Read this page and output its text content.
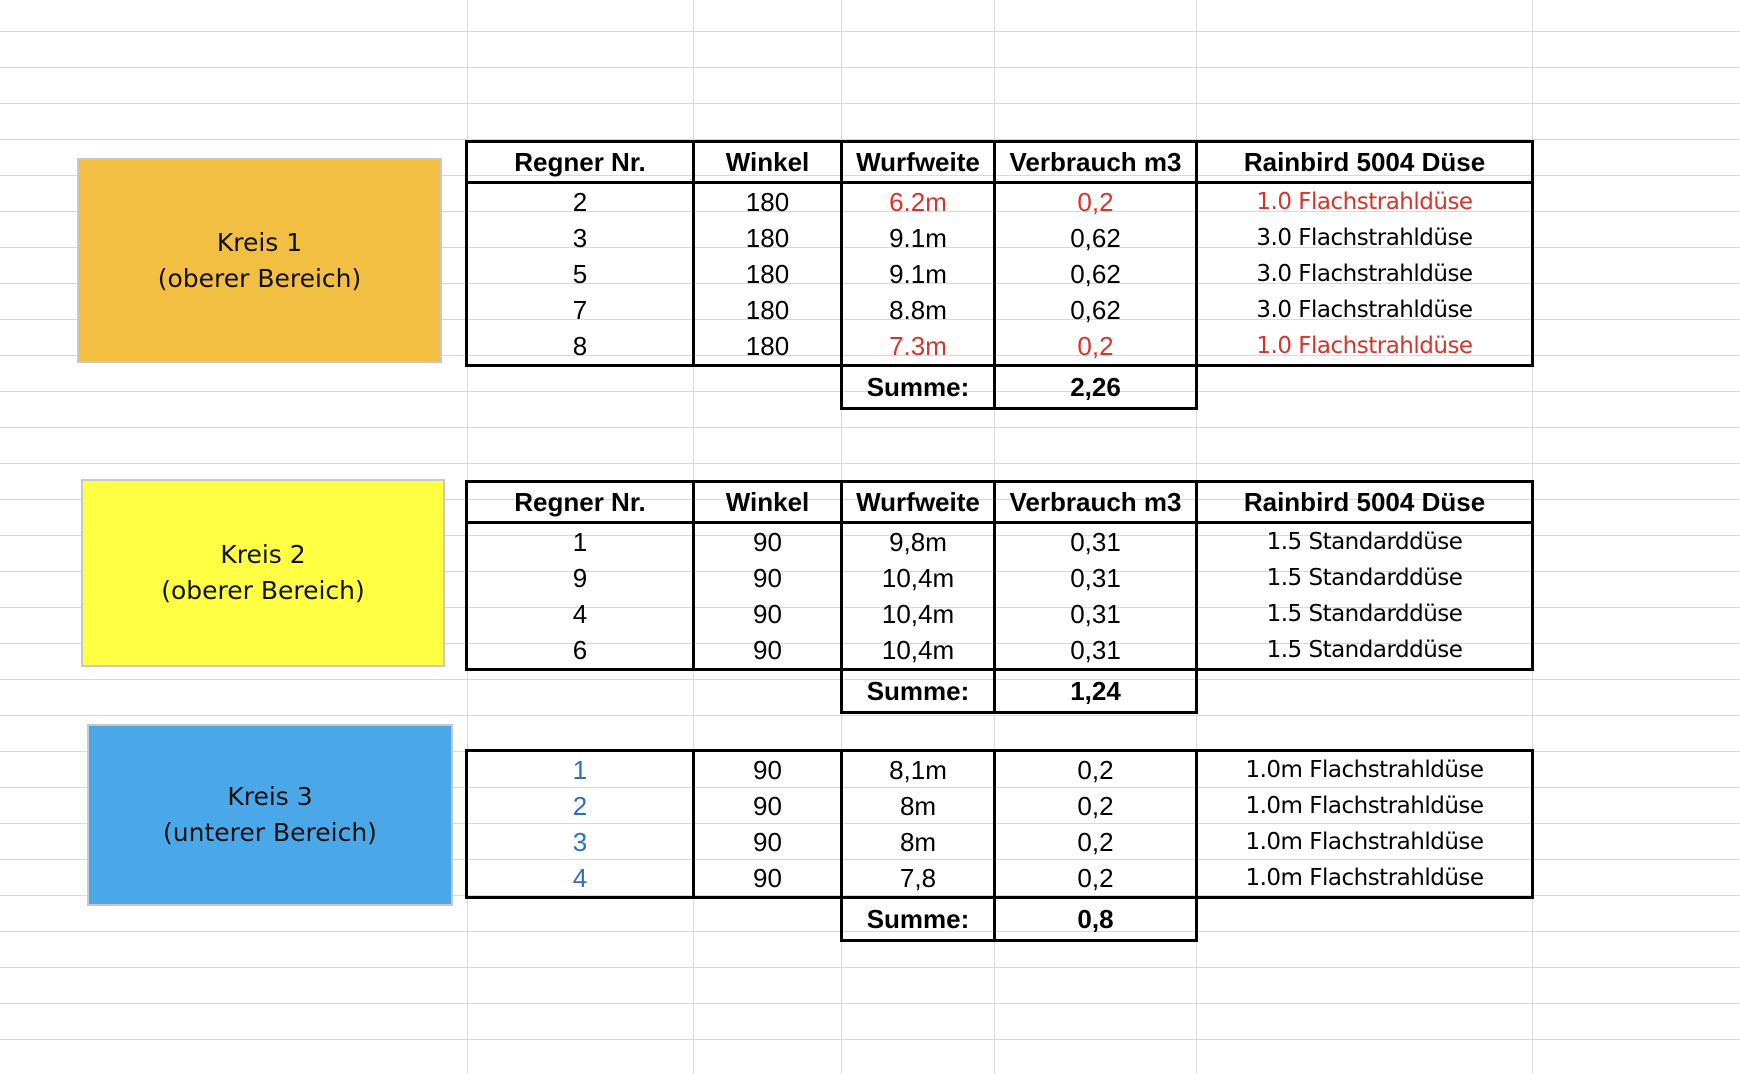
Kreis 1
(oberer Bereich)
Kreis 2
(oberer Bereich)
Kreis 3
(unterer Bereich)
Regner Nr.	Winkel	Wurfweite	Verbrauch m3	Rainbird 5004 Düse
2	180	6.2m	0,2	1.0 Flachstrahldüse
3	180	9.1m	0,62	3.0 Flachstrahldüse
5	180	9.1m	0,62	3.0 Flachstrahldüse
7	180	8.8m	0,62	3.0 Flachstrahldüse
8	180	7.3m	0,2	1.0 Flachstrahldüse
		Summe:	2,26	
Regner Nr.	Winkel	Wurfweite	Verbrauch m3	Rainbird 5004 Düse
1	90	9,8m	0,31	1.5 Standarddüse
9	90	10,4m	0,31	1.5 Standarddüse
4	90	10,4m	0,31	1.5 Standarddüse
6	90	10,4m	0,31	1.5 Standarddüse
		Summe:	1,24	
1	90	8,1m	0,2	1.0m Flachstrahldüse
2	90	8m	0,2	1.0m Flachstrahldüse
3	90	8m	0,2	1.0m Flachstrahldüse
4	90	7,8	0,2	1.0m Flachstrahldüse
		Summe:	0,8	
